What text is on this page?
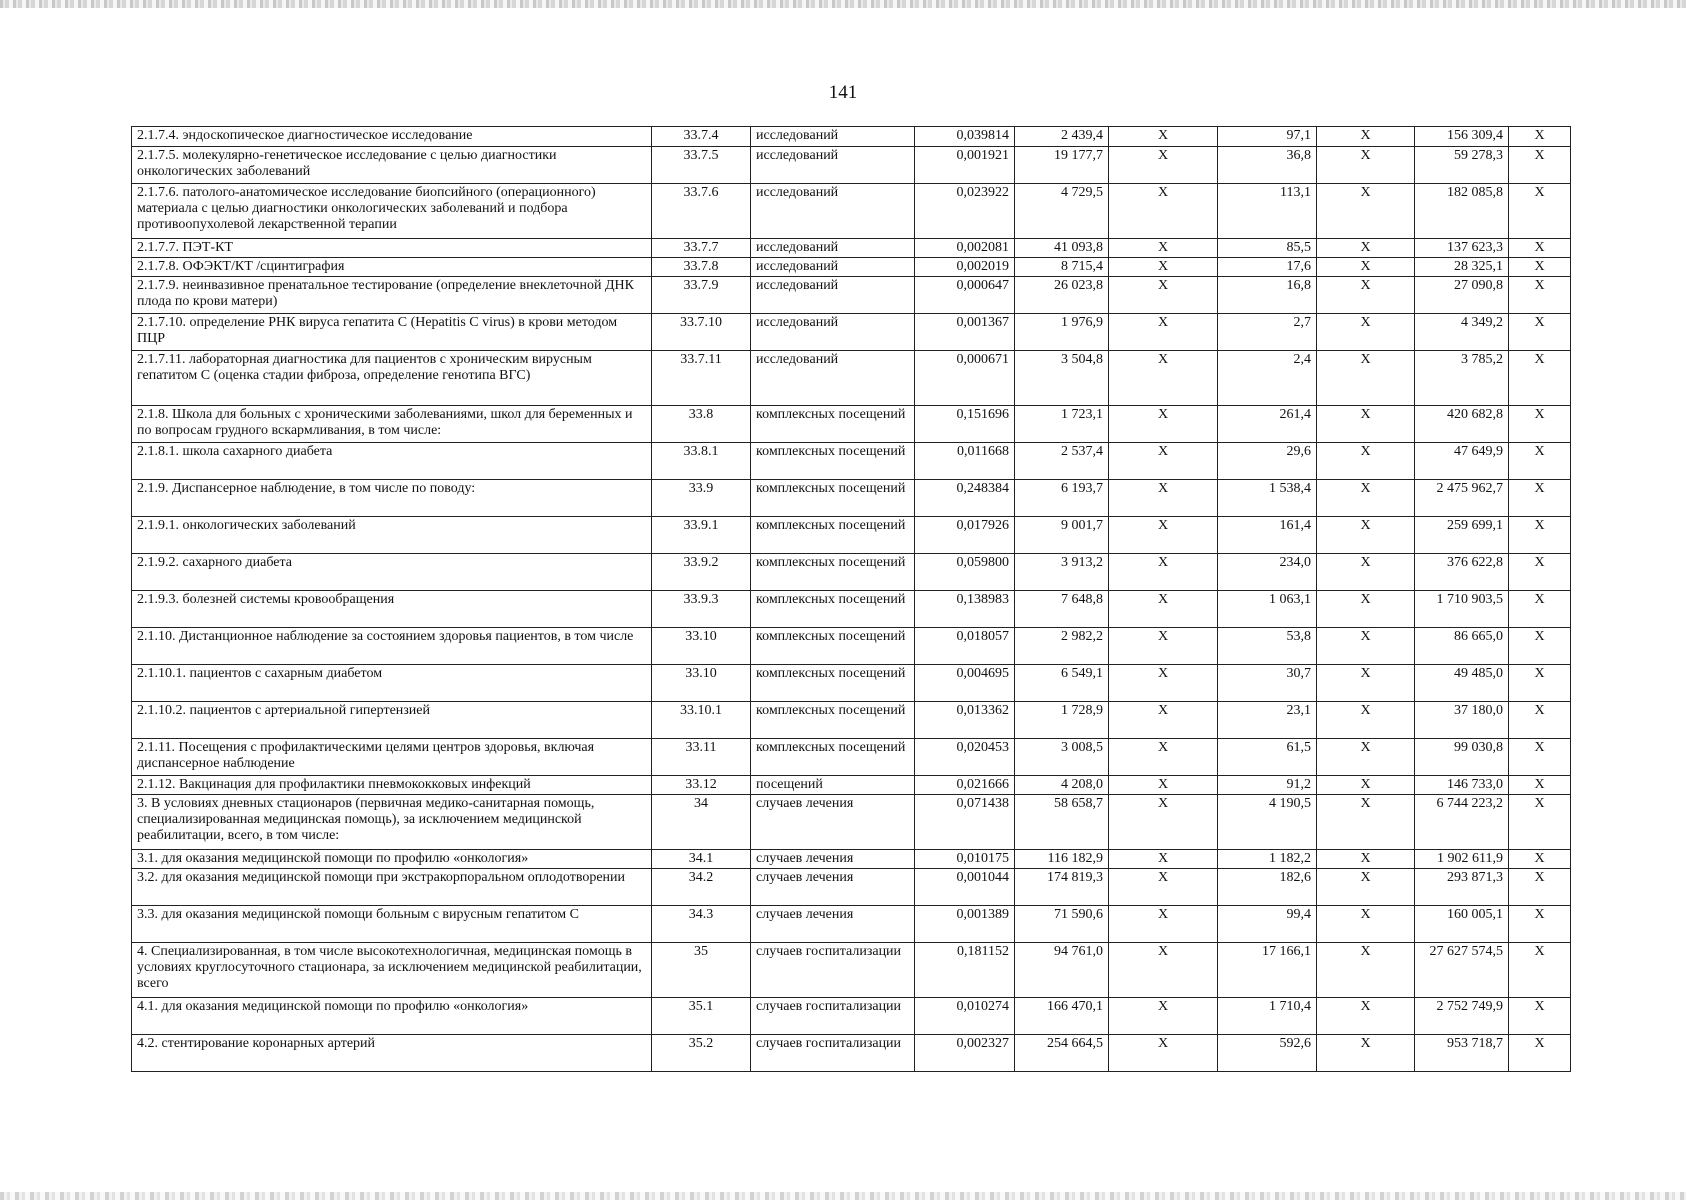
141
2.1.7.4. эндоскопическое диагностическое исследование	33.7.4	исследований	0,039814	2 439,4	Х	97,1	Х	156 309,4	Х
2.1.7.5. молекулярно-генетическое исследование с целью диагностики онкологических заболеваний	33.7.5	исследований	0,001921	19 177,7	Х	36,8	Х	59 278,3	Х
2.1.7.6. патолого-анатомическое исследование биопсийного (операционного) материала с целью диагностики онкологических заболеваний и подбора противоопухолевой лекарственной терапии	33.7.6	исследований	0,023922	4 729,5	Х	113,1	Х	182 085,8	Х
2.1.7.7. ПЭТ-КТ	33.7.7	исследований	0,002081	41 093,8	Х	85,5	Х	137 623,3	Х
2.1.7.8. ОФЭКТ/КТ /сцинтиграфия	33.7.8	исследований	0,002019	8 715,4	Х	17,6	Х	28 325,1	Х
2.1.7.9. неинвазивное пренатальное тестирование (определение внеклеточной ДНК плода по крови матери)	33.7.9	исследований	0,000647	26 023,8	Х	16,8	Х	27 090,8	Х
2.1.7.10. определение РНК вируса гепатита С (Hepatitis С virus) в крови методом ПЦР	33.7.10	исследований	0,001367	1 976,9	Х	2,7	Х	4 349,2	Х
2.1.7.11. лабораторная диагностика для пациентов с хроническим вирусным гепатитом С (оценка стадии фиброза, определение генотипа ВГС)	33.7.11	исследований	0,000671	3 504,8	Х	2,4	Х	3 785,2	Х
2.1.8. Школа для больных с хроническими заболеваниями, школ для беременных и по вопросам грудного вскармливания, в том числе:	33.8	комплексных посещений	0,151696	1 723,1	Х	261,4	Х	420 682,8	Х
2.1.8.1. школа сахарного диабета	33.8.1	комплексных посещений	0,011668	2 537,4	Х	29,6	Х	47 649,9	Х
2.1.9. Диспансерное наблюдение, в том числе по поводу:	33.9	комплексных посещений	0,248384	6 193,7	Х	1 538,4	Х	2 475 962,7	Х
2.1.9.1. онкологических заболеваний	33.9.1	комплексных посещений	0,017926	9 001,7	Х	161,4	Х	259 699,1	Х
2.1.9.2. сахарного диабета	33.9.2	комплексных посещений	0,059800	3 913,2	Х	234,0	Х	376 622,8	Х
2.1.9.3. болезней системы кровообращения	33.9.3	комплексных посещений	0,138983	7 648,8	Х	1 063,1	Х	1 710 903,5	Х
2.1.10. Дистанционное наблюдение за состоянием здоровья пациентов, в том числе	33.10	комплексных посещений	0,018057	2 982,2	Х	53,8	Х	86 665,0	Х
2.1.10.1. пациентов с сахарным диабетом	33.10	комплексных посещений	0,004695	6 549,1	Х	30,7	Х	49 485,0	Х
2.1.10.2. пациентов с артериальной гипертензией	33.10.1	комплексных посещений	0,013362	1 728,9	Х	23,1	Х	37 180,0	Х
2.1.11. Посещения с профилактическими целями центров здоровья, включая диспансерное наблюдение	33.11	комплексных посещений	0,020453	3 008,5	Х	61,5	Х	99 030,8	Х
2.1.12. Вакцинация для профилактики пневмококковых инфекций	33.12	посещений	0,021666	4 208,0	Х	91,2	Х	146 733,0	Х
3. В условиях дневных стационаров (первичная медико-санитарная помощь, специализированная медицинская помощь), за исключением медицинской реабилитации, всего, в том числе:	34	случаев лечения	0,071438	58 658,7	Х	4 190,5	Х	6 744 223,2	Х
3.1. для оказания медицинской помощи по профилю «онкология»	34.1	случаев лечения	0,010175	116 182,9	Х	1 182,2	Х	1 902 611,9	Х
3.2. для оказания медицинской помощи при экстракорпоральном оплодотворении	34.2	случаев лечения	0,001044	174 819,3	Х	182,6	Х	293 871,3	Х
3.3. для оказания медицинской помощи больным с вирусным гепатитом С	34.3	случаев лечения	0,001389	71 590,6	Х	99,4	Х	160 005,1	Х
4. Специализированная, в том числе высокотехнологичная, медицинская помощь в условиях круглосуточного стационара, за исключением медицинской реабилитации, всего	35	случаев госпитализации	0,181152	94 761,0	Х	17 166,1	Х	27 627 574,5	Х
4.1. для оказания медицинской помощи по профилю «онкология»	35.1	случаев госпитализации	0,010274	166 470,1	Х	1 710,4	Х	2 752 749,9	Х
4.2. стентирование коронарных артерий	35.2	случаев госпитализации	0,002327	254 664,5	Х	592,6	Х	953 718,7	Х
